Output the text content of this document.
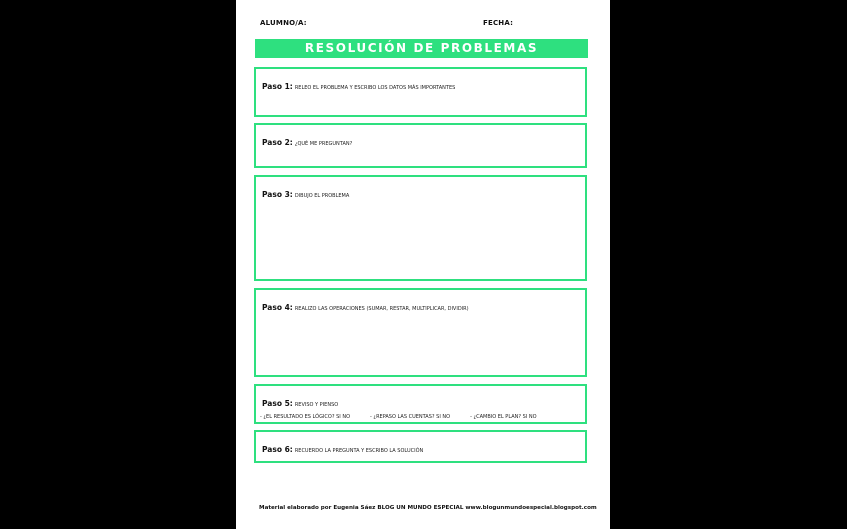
ALUMNO/A:	FECHA:
RESOLUCIÓN DE PROBLEMAS MATEMÁTICOS
Paso 1: RELEO EL PROBLEMA Y ESCRIBO LOS DATOS MÁS IMPORTANTES
Paso 2: ¿QUÉ ME PREGUNTAN?
Paso 3: DIBUJO EL PROBLEMA
Paso 4: REALIZO LAS OPERACIONES (SUMAR, RESTAR, MULTIPLICAR, DIVIDIR)
Paso 5: REVISO Y PIENSO
- ¿EL RESULTADO ES LÓGICO? SI NO	- ¿REPASO LAS CUENTAS? SI NO	- ¿CAMBIO EL PLAN? SI NO
Paso 6: RECUERDO LA PREGUNTA Y ESCRIBO LA SOLUCIÓN
Material elaborado por Eugenia Sáez BLOG UN MUNDO ESPECIAL www.blogunmundoespecial.blogspot.com
